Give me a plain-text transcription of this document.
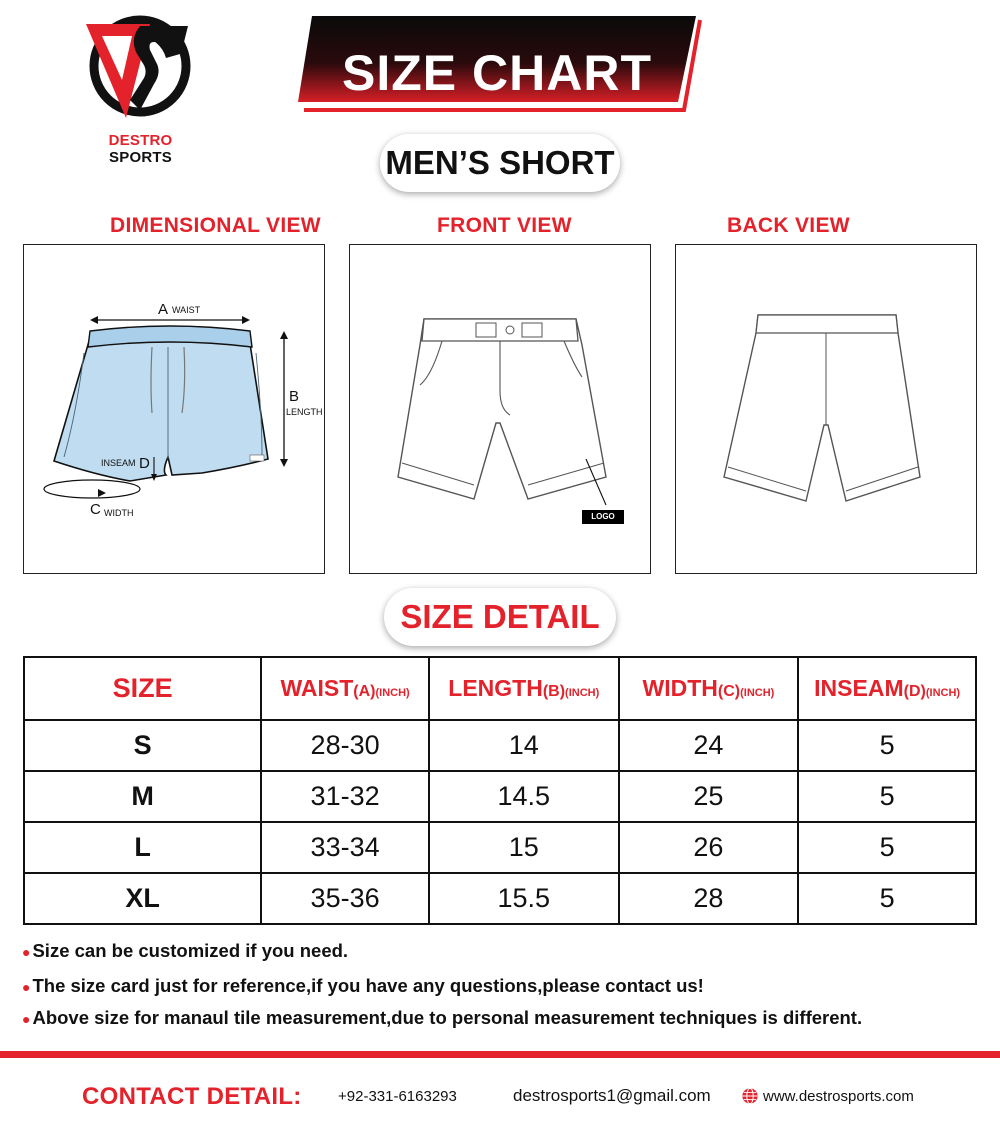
DESTRO SPORTS
SIZE CHART
MEN’S SHORT
DIMENSIONAL VIEW	FRONT VIEW	BACK VIEW
A WAIST
B
LENGTH
INSEAM D
C WIDTH	LOGO
SIZE DETAIL
SIZE	WAIST(A)(INCH)	LENGTH(B)(INCH)	WIDTH(C)(INCH)	INSEAM(D)(INCH)
S	28-30	14	24	5
M	31-32	14.5	25	5
L	33-34	15	26	5
XL	35-36	15.5	28	5
● Size can be customized if you need.
● The size card just for reference,if you have any questions,please contact us!
● Above size for manaul tile measurement,due to personal measurement techniques is different.
CONTACT DETAIL: +92-331-6163293	destrosports1@gmail.com	www.destrosports.com
